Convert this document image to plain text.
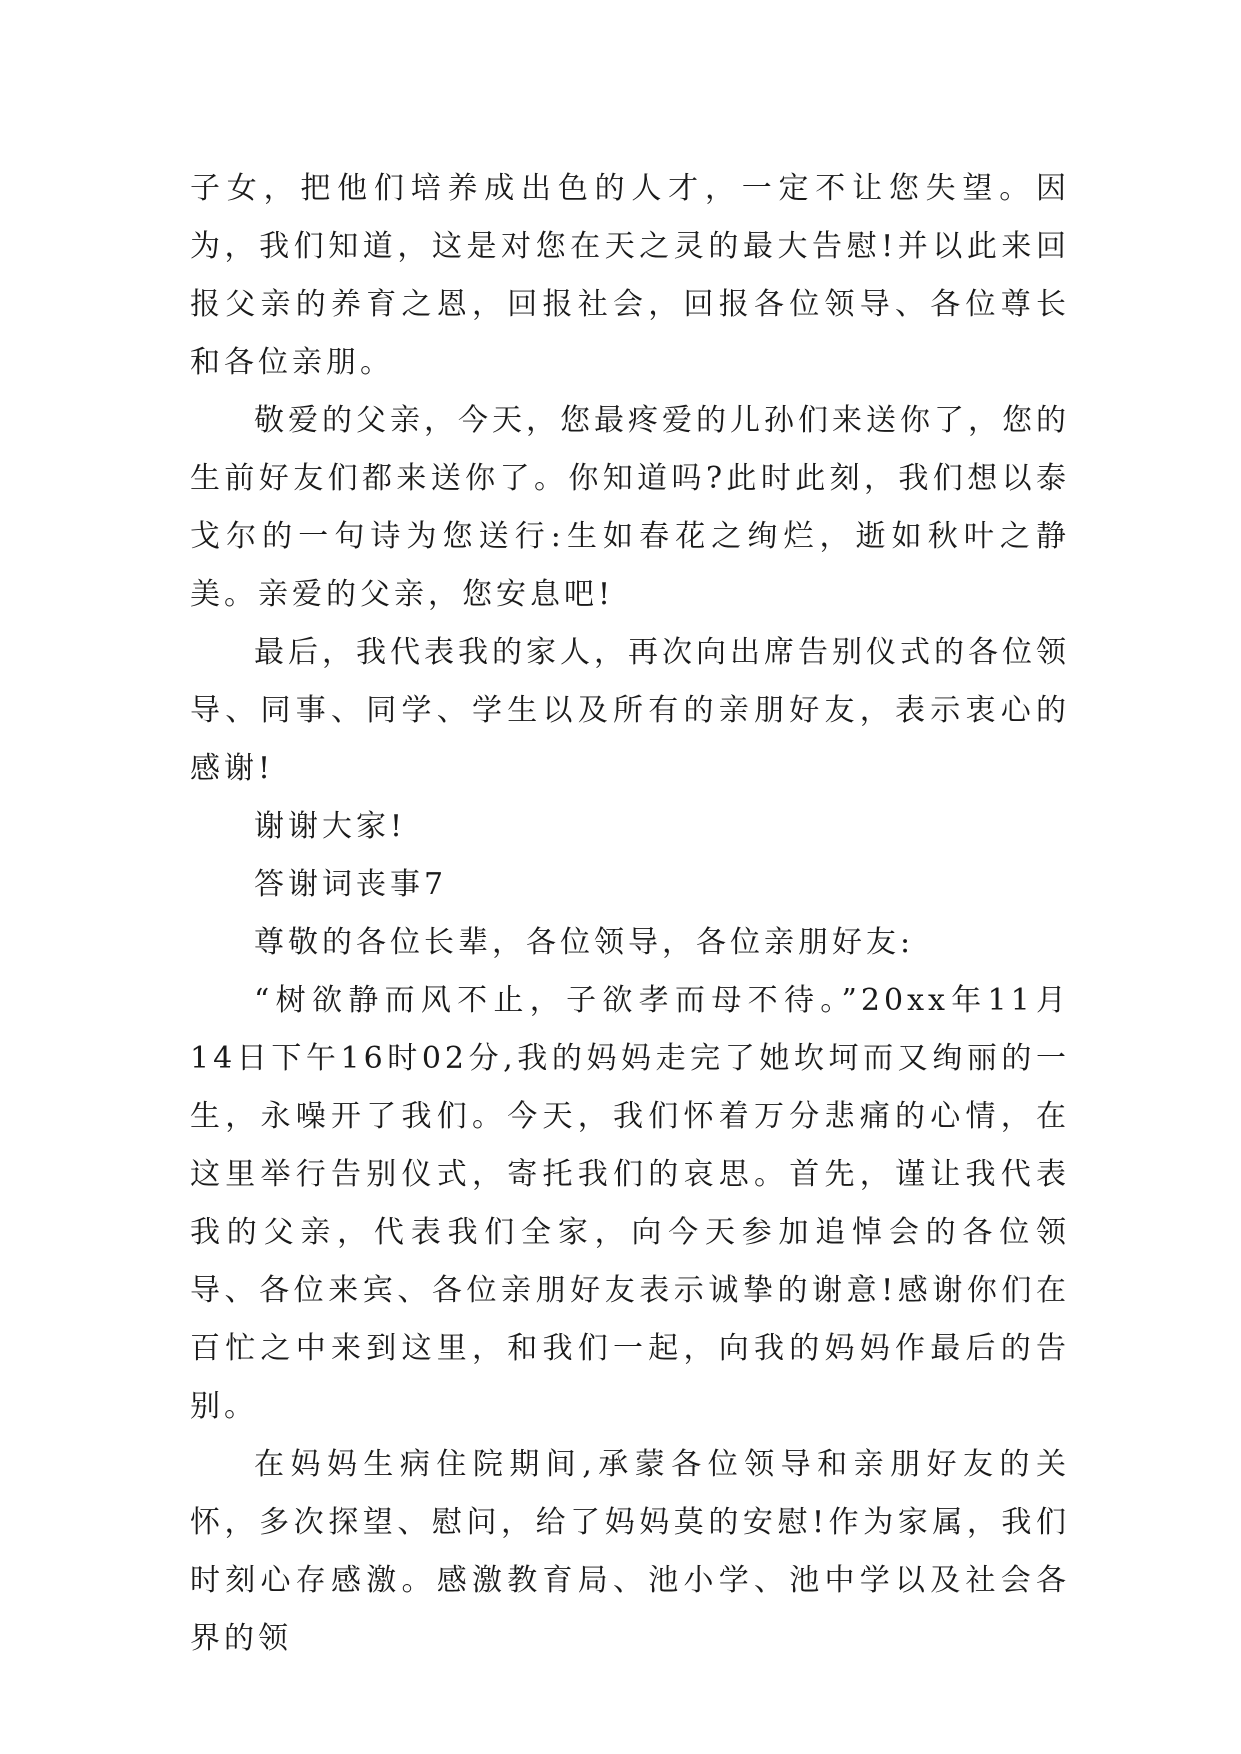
子女，把他们培养成出色的人才，一定不让您失望。因为，我们知道，这是对您在天之灵的最大告慰!并以此来回报父亲的养育之恩，回报社会，回报各位领导、各位尊长和各位亲朋。

敬爱的父亲，今天，您最疼爱的儿孙们来送你了，您的生前好友们都来送你了。你知道吗?此时此刻，我们想以泰戈尔的一句诗为您送行:生如春花之绚烂，逝如秋叶之静美。亲爱的父亲，您安息吧!

最后，我代表我的家人，再次向出席告别仪式的各位领导、同事、同学、学生以及所有的亲朋好友，表示衷心的感谢!

谢谢大家!

答谢词丧事7

尊敬的各位长辈，各位领导，各位亲朋好友:

“树欲静而风不止，子欲孝而母不待。”20xx年11月14日下午16时02分,我的妈妈走完了她坎坷而又绚丽的一生，永噪开了我们。今天，我们怀着万分悲痛的心情，在这里举行告别仪式，寄托我们的哀思。首先，谨让我代表我的父亲，代表我们全家，向今天参加追悼会的各位领导、各位来宾、各位亲朋好友表示诚挚的谢意!感谢你们在百忙之中来到这里，和我们一起，向我的妈妈作最后的告别。

在妈妈生病住院期间,承蒙各位领导和亲朋好友的关怀，多次探望、慰问，给了妈妈莫的安慰!作为家属，我们时刻心存感激。感激教育局、池小学、池中学以及社会各界的领
